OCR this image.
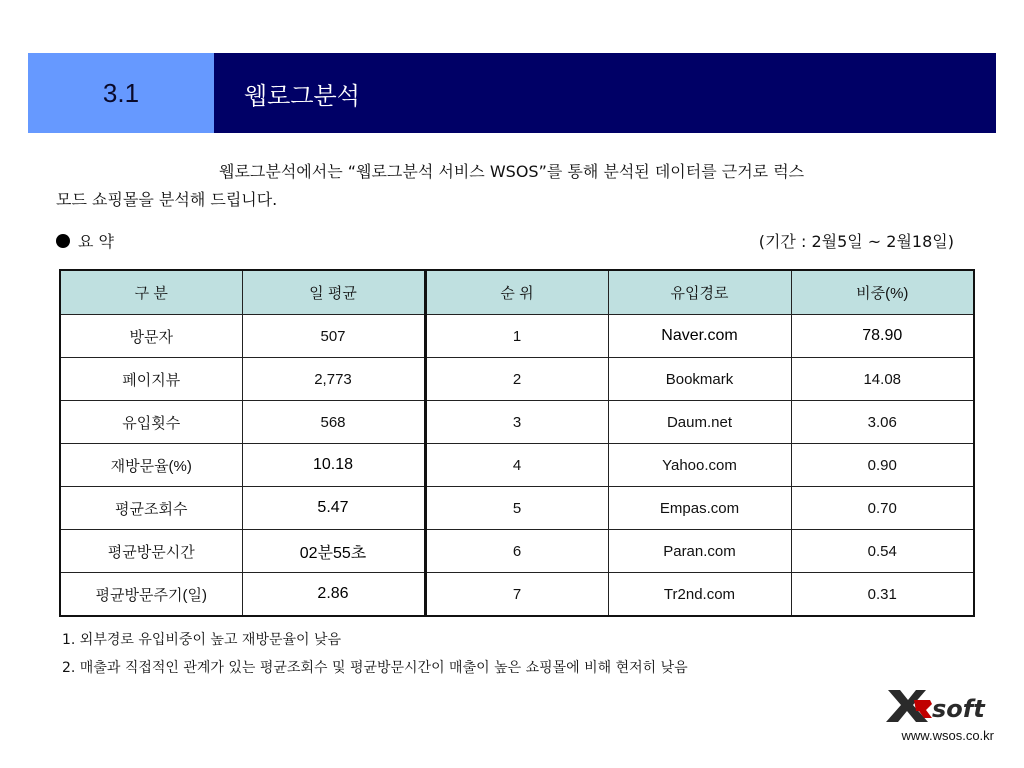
3.1	웹로그분석
웹로그분석에서는 “웹로그분석 서비스 WSOS”를 통해 분석된 데이터를 근거로 럭스
모드 쇼핑몰을 분석해 드립니다.
요 약	(기간 : 2월5일 ~ 2월18일)
구 분	일 평균	순 위	유입경로	비중(%)
방문자	507	1	Naver.com	78.90
페이지뷰	2,773	2	Bookmark	14.08
유입횟수	568	3	Daum.net	3.06
재방문율(%)	10.18	4	Yahoo.com	0.90
평균조회수	5.47	5	Empas.com	0.70
평균방문시간	02분55초	6	Paran.com	0.54
평균방문주기(일)	2.86	7	Tr2nd.com	0.31
1. 외부경로 유입비중이 높고 재방문율이 낮음
2. 매출과 직접적인 관계가 있는 평균조회수 및 평균방문시간이 매출이 높은 쇼핑몰에 비해 현저히 낮음
soft
www.wsos.co.kr
